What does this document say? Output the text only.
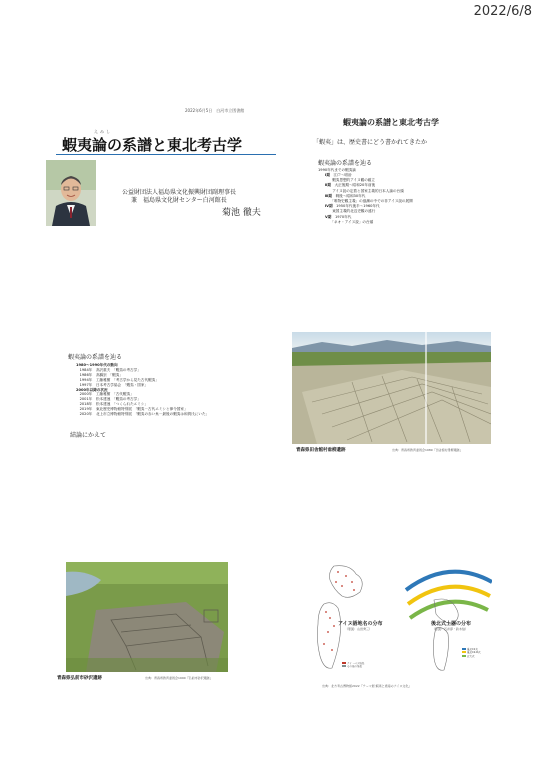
2022/6/8
2022年6月5日　白河市立図書館
えみし
蝦夷論の系譜と東北考古学
公益財団法人福島県文化振興財団副理事長
兼　福島県文化財センター白河館長
菊池 徹夫
蝦夷論の系譜と東北考古学
「蝦夷」は、歴史書にどう書かれてきたか
蝦夷論の系譜を辿る
1990年代までの蝦夷論
Ⅰ期　 江戸～明治
　　蝦夷思想的アイヌ観の確立
Ⅱ期　 大正後期～昭和20年前後
　　アイヌ説の定着と国家主義的日本人論の台頭
Ⅲ期　 戦後～昭和30年代
　　「唯物史観主義」の風潮の中での非アイヌ説の展開
Ⅳ期　 1950年代後半～1960年代
　　東国主義的北辺史観の盛行
Ⅴ期　 1970年代
　　「ネオ・アイヌ説」の台頭
蝦夷論の系譜を辿る
1980～1990年代の動向
　1984年　 高沢重夫　 「蝦夷の考古学」
　1986年　 高橋崇　 「蝦夷」
　1994年　 工藤雅樹　 「考古学から見た古代蝦夷」
　1997年　 日本考古学協会　 「蝦夷・国家」
2000年以降の状況
　2000年　 工藤雅樹　 「古代蝦夷」
　2001年　 松本建速　 「蝦夷の考古学」
　2018年　 松本建速　 「つくられたエミシ」
　2019年　 東北歴史博物館特別展　 「蝦夷－古代エミシと律令国家」
　2020年　 北上市立博物館特別展　 「蝦夷の赤い糸－最後の蝦夷は和賀氏にいた」
結論にかえて
青森県田舎館村垂柳遺跡	出典：青森県教育委員会1989『田舎館村垂柳遺跡』
青森県弘前市砂沢遺跡	出典：青森県教育委員会1990『弘前市砂沢遺跡』
アイヌ語地名の分布
（原図：山田秀三）
後北式土器の分布
（原図：石井淳・鈴木信）
ナイ・ベツ地名
その他の地名
後北C1式
後北C2-D式
北大式
出典：北方考古博物館2022『テーマ展 蝦夷と道南のアイヌ文化』
